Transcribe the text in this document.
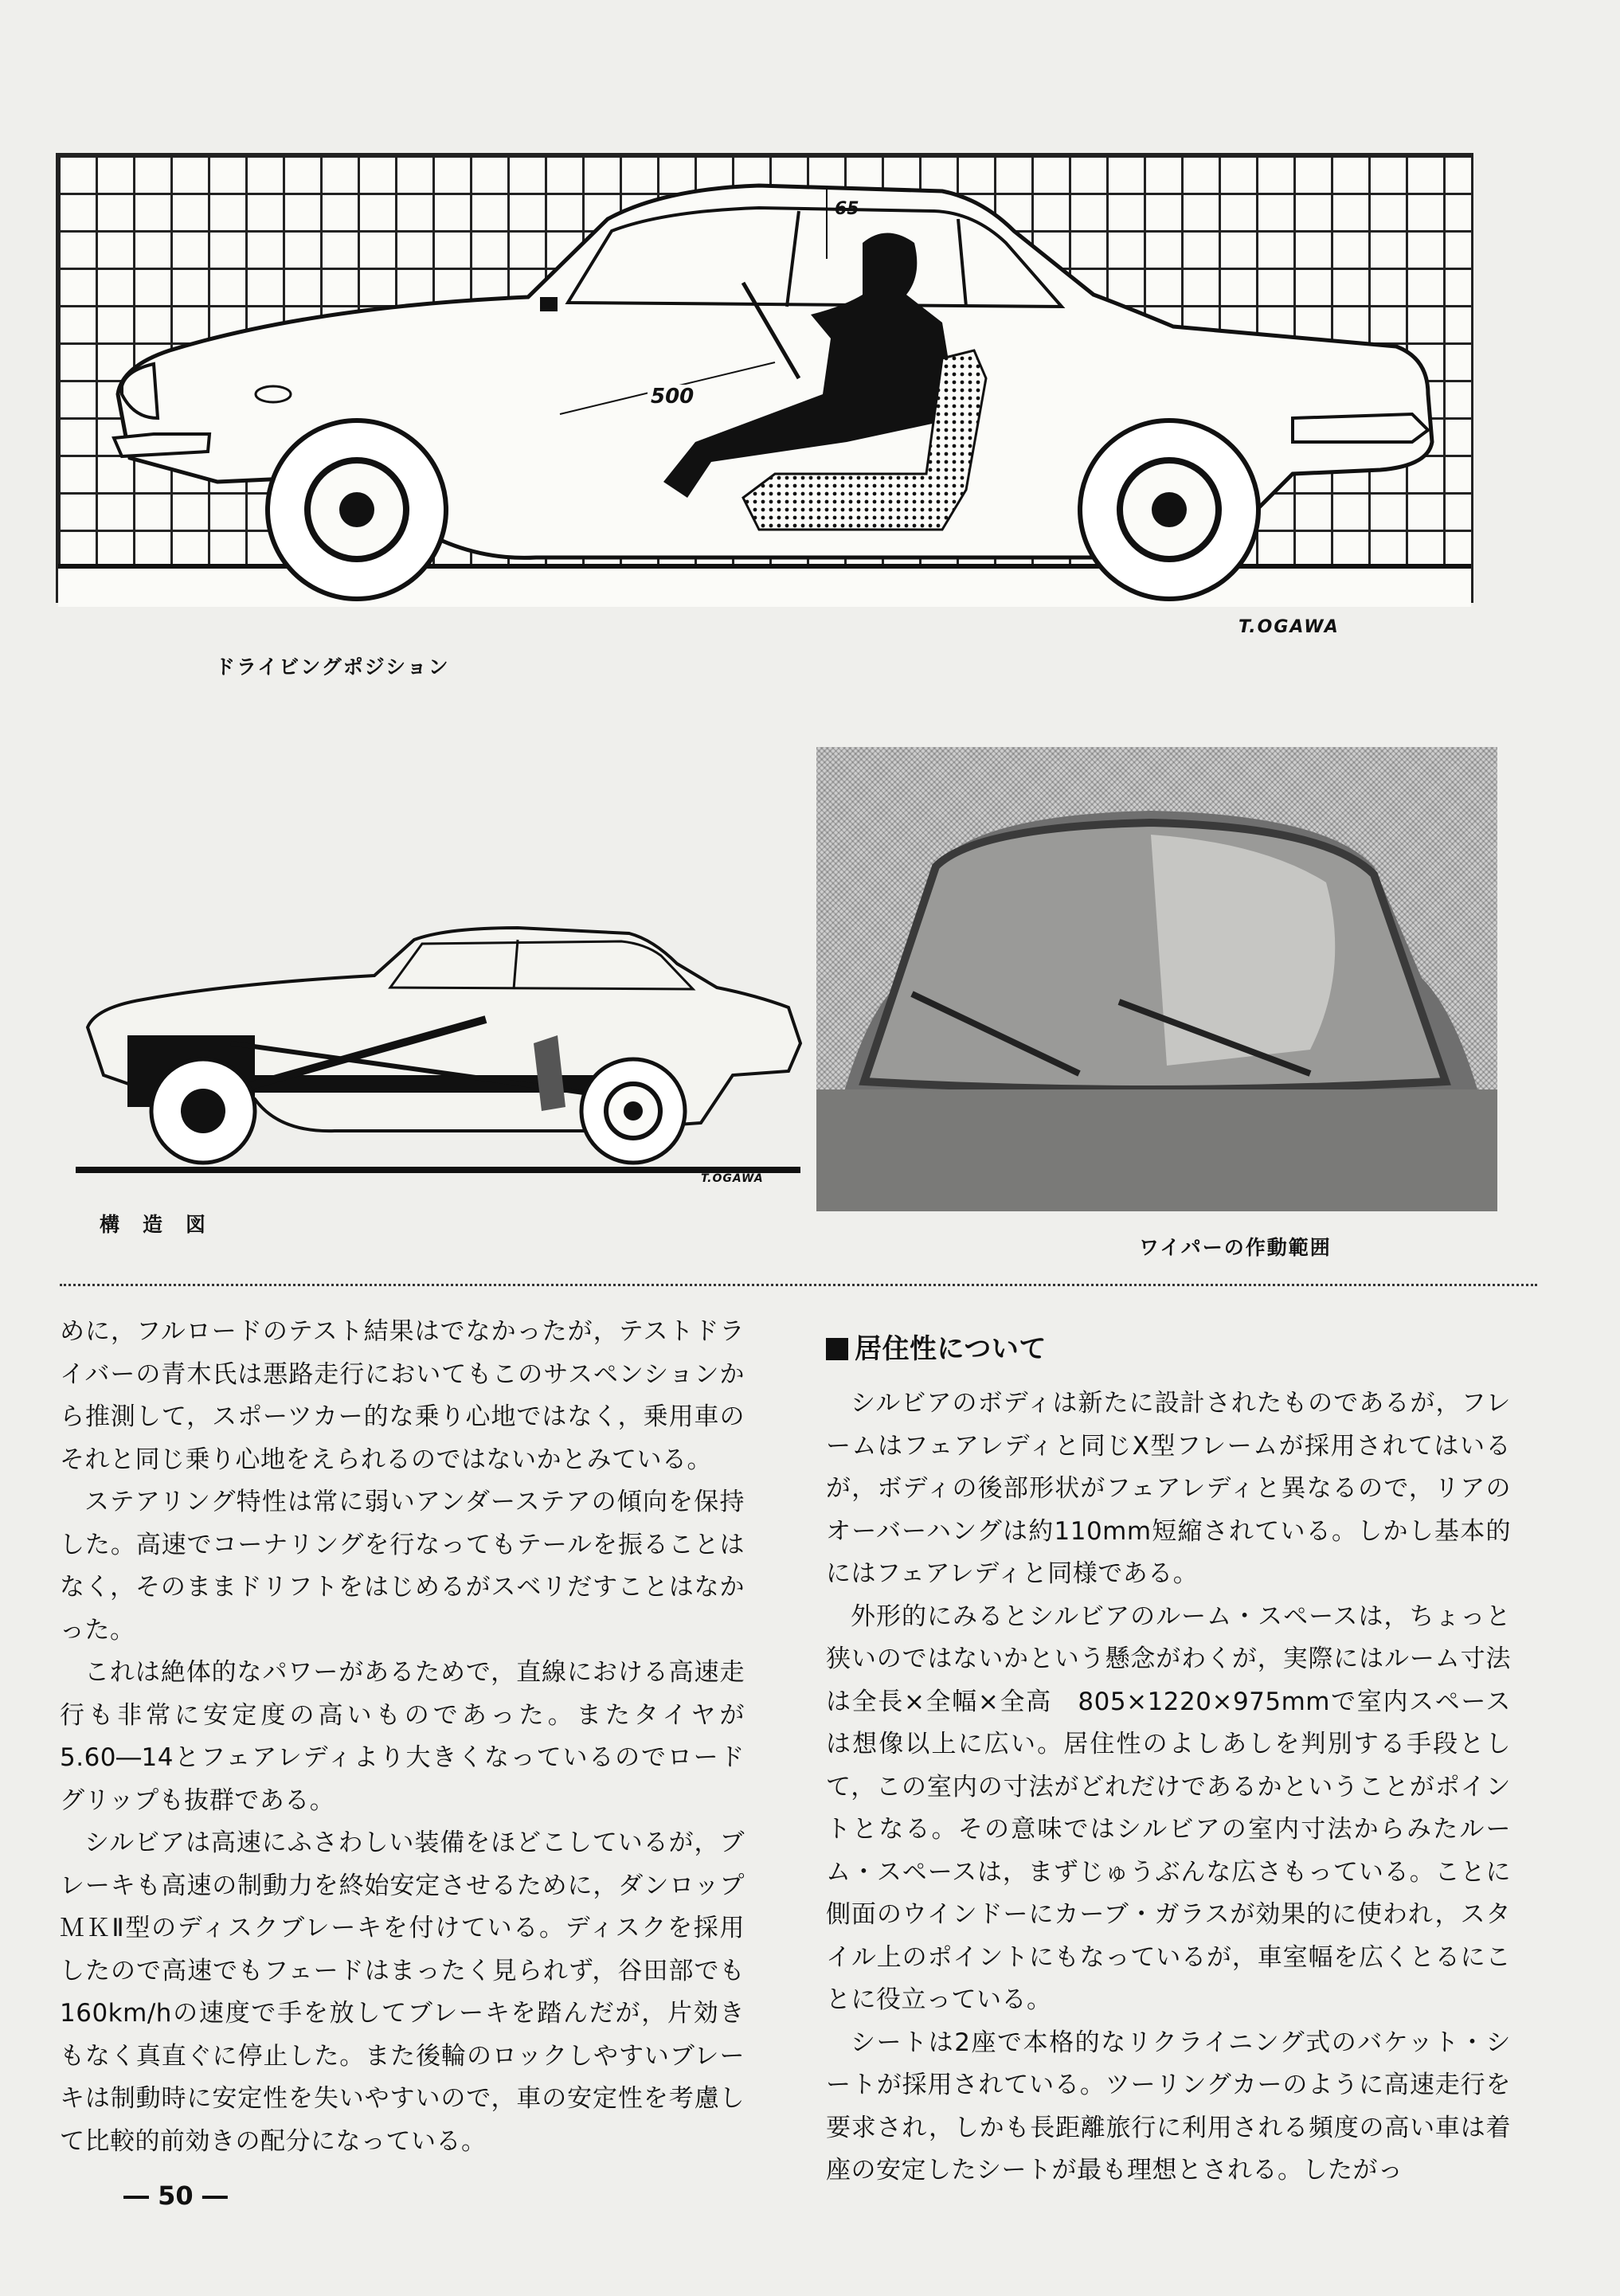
65
500
T.OGAWA
ドライビングポジション
T.OGAWA
構　造　図
ワイパーの作動範囲

めに，フルロードのテスト結果はでなかったが，テストドライバーの青木氏は悪路走行においてもこのサスペンションから推測して，スポーツカー的な乗り心地ではなく，乗用車のそれと同じ乗り心地をえられるのではないかとみている。

ステアリング特性は常に弱いアンダーステアの傾向を保持した。高速でコーナリングを行なってもテールを振ることはなく，そのままドリフトをはじめるがスベリだすことはなかった。

これは絶体的なパワーがあるためで，直線における高速走行も非常に安定度の高いものであった。またタイヤが5.60―14とフェアレディより大きくなっているのでロードグリップも抜群である。

シルビアは高速にふさわしい装備をほどこしているが，ブレーキも高速の制動力を終始安定させるために，ダンロップＭＫⅡ型のディスクブレーキを付けている。ディスクを採用したので高速でもフェードはまったく見られず，谷田部でも160km/hの速度で手を放してブレーキを踏んだが，片効きもなく真直ぐに停止した。また後輪のロックしやすいブレーキは制動時に安定性を失いやすいので，車の安定性を考慮して比較的前効きの配分になっている。

居住性について

シルビアのボディは新たに設計されたものであるが，フレームはフェアレディと同じX型フレームが採用されてはいるが，ボディの後部形状がフェアレディと異なるので，リアのオーバーハングは約110mm短縮されている。しかし基本的にはフェアレディと同様である。

外形的にみるとシルビアのルーム・スペースは，ちょっと狭いのではないかという懸念がわくが，実際にはルーム寸法は全長×全幅×全高　805×1220×975mmで室内スペースは想像以上に広い。居住性のよしあしを判別する手段として，この室内の寸法がどれだけであるかということがポイントとなる。その意味ではシルビアの室内寸法からみたルーム・スペースは，まずじゅうぶんな広さもっている。ことに側面のウインドーにカーブ・ガラスが効果的に使われ，スタイル上のポイントにもなっているが，車室幅を広くとるにことに役立っている。

シートは2座で本格的なリクライニング式のバケット・シートが採用されている。ツーリングカーのように高速走行を要求され，しかも長距離旅行に利用される頻度の高い車は着座の安定したシートが最も理想とされる。したがっ

― 50 ―
